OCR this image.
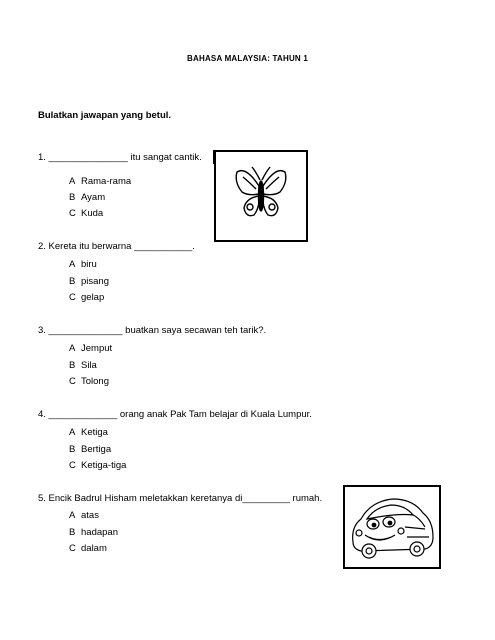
BAHASA MALAYSIA: TAHUN 1
Bulatkan jawapan yang betul.
1. _______________ itu sangat cantik.
A Rama-rama
B Ayam
C Kuda
2. Kereta itu berwarna ___________.
A biru
B pisang
C gelap
3. ______________ buatkan saya secawan teh tarik?.
A Jemput
B Sila
C Tolong
4. _____________ orang anak Pak Tam belajar di Kuala Lumpur.
A Ketiga
B Bertiga
C Ketiga-tiga
5. Encik Badrul Hisham meletakkan keretanya di_________ rumah.
A atas
B hadapan
C dalam
